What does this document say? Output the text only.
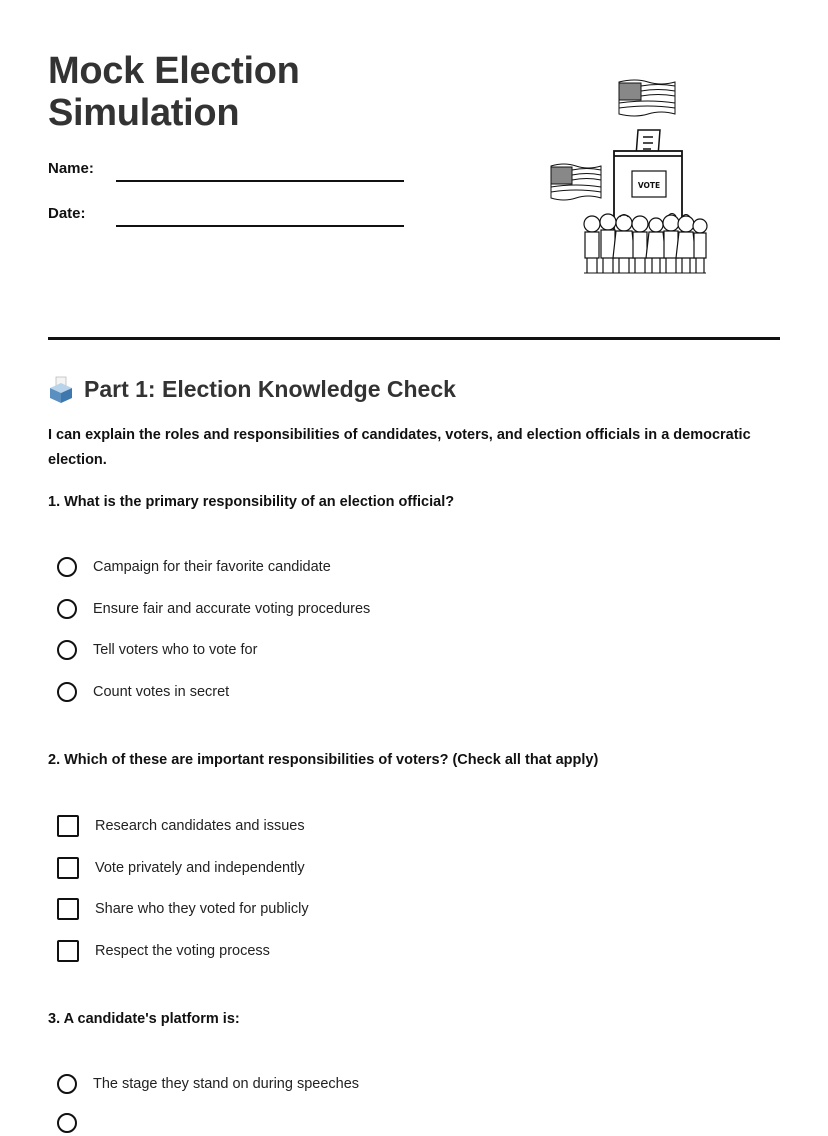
Mock Election Simulation
Name:
Date:
VOTE
Part 1: Election Knowledge Check

I can explain the roles and responsibilities of candidates, voters, and election officials in a democratic election.

1. What is the primary responsibility of an election official?

Campaign for their favorite candidate
Ensure fair and accurate voting procedures
Tell voters who to vote for
Count votes in secret

2. Which of these are important responsibilities of voters? (Check all that apply)

Research candidates and issues
Vote privately and independently
Share who they voted for publicly
Respect the voting process

3. A candidate's platform is:

The stage they stand on during speeches
